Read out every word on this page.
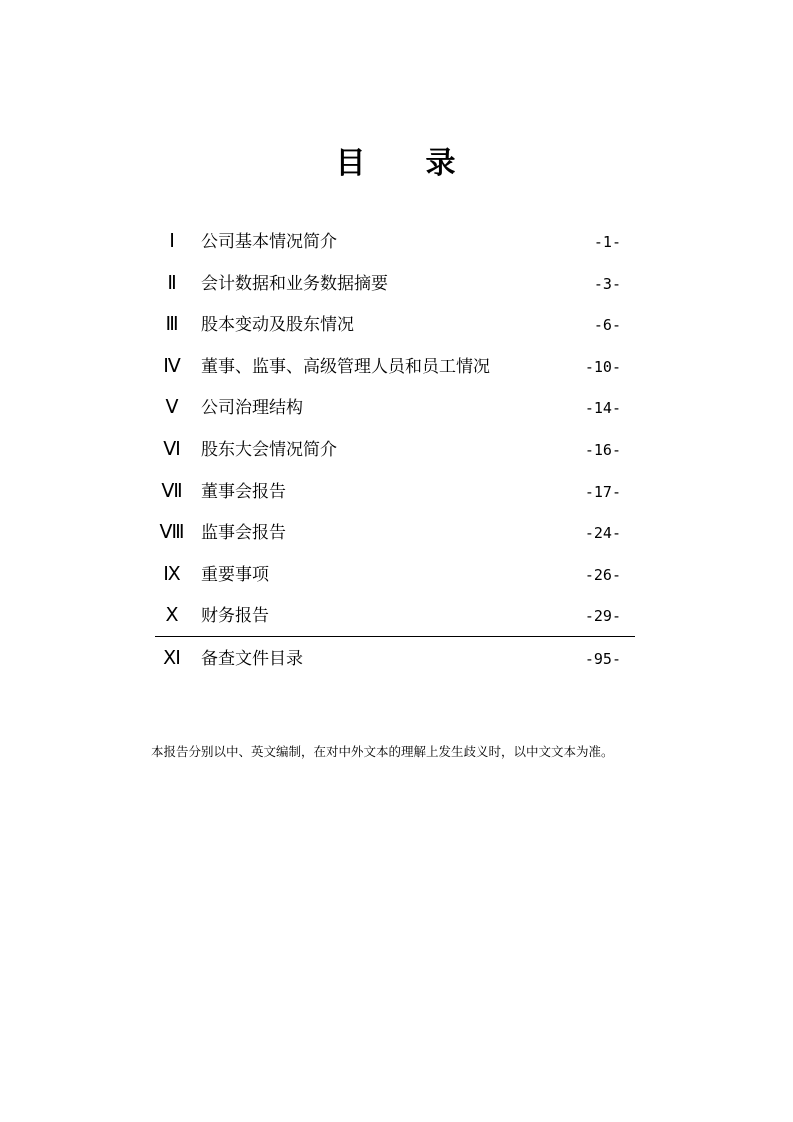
目 录
Ⅰ	公司基本情况简介	-1-
Ⅱ	会计数据和业务数据摘要	-3-
Ⅲ	股本变动及股东情况	-6-
Ⅳ	董事、监事、高级管理人员和员工情况	-10-
Ⅴ	公司治理结构	-14-
Ⅵ	股东大会情况简介	-16-
Ⅶ	董事会报告	-17-
Ⅷ 监事会报告	-24-
Ⅸ	重要事项	-26-
Ⅹ	财务报告	-29-
Ⅺ	备查文件目录	-95-
本报告分别以中、英文编制，在对中外文本的理解上发生歧义时，以中文文本为准。
